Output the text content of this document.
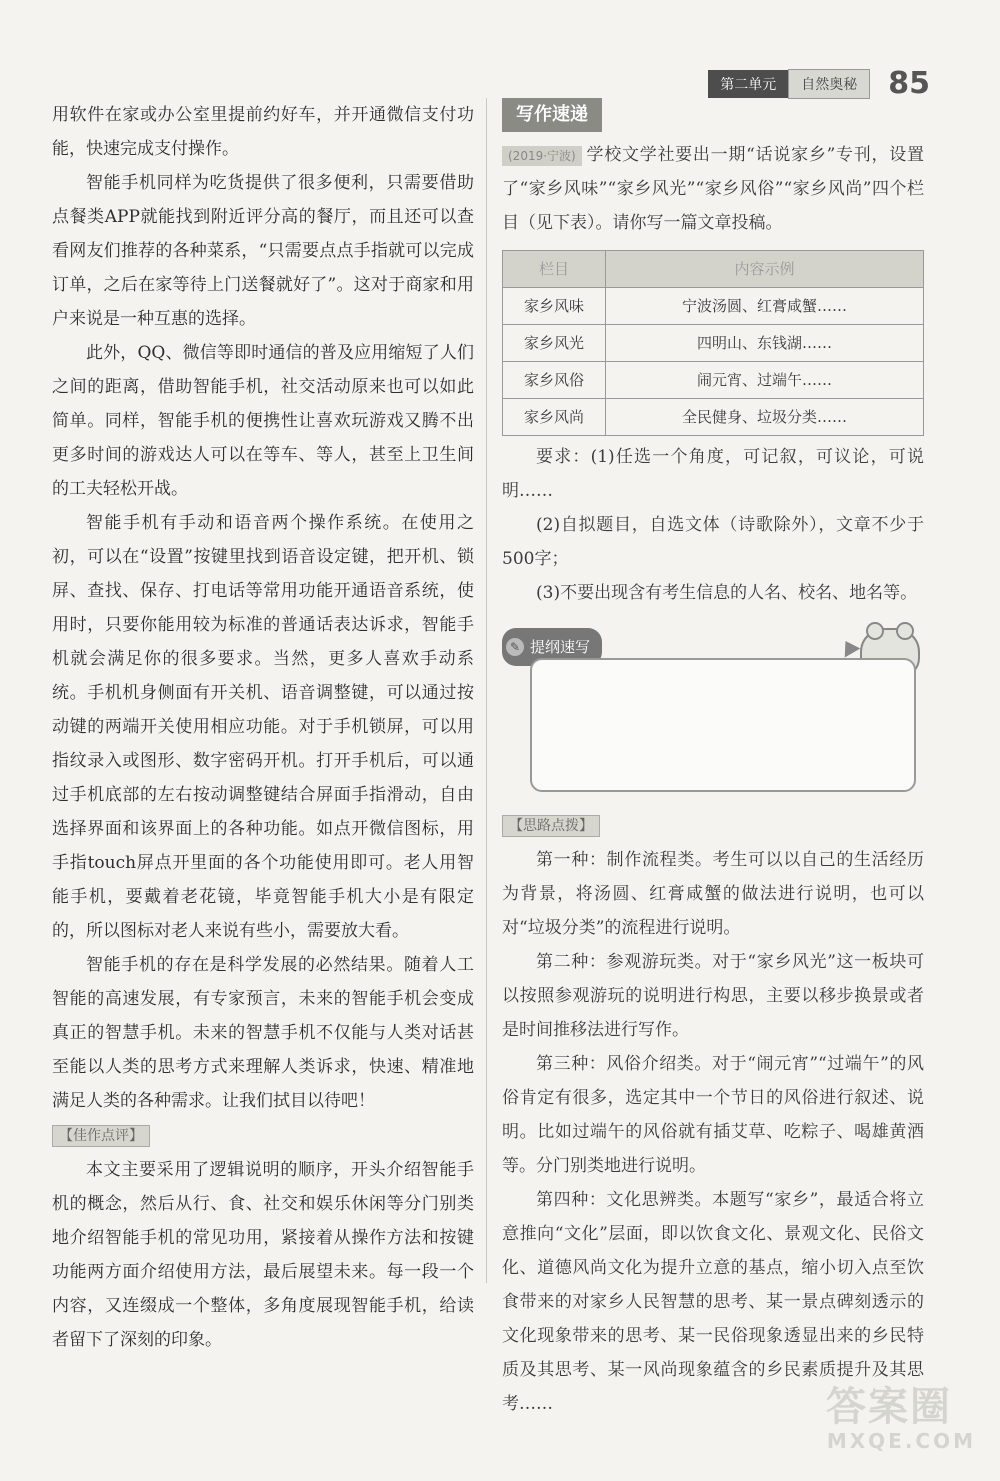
第二单元	自然奥秘	85

用软件在家或办公室里提前约好车，并开通微信支付功能，快速完成支付操作。

智能手机同样为吃货提供了很多便利，只需要借助点餐类APP就能找到附近评分高的餐厅，而且还可以查看网友们推荐的各种菜系，“只需要点点手指就可以完成订单，之后在家等待上门送餐就好了”。这对于商家和用户来说是一种互惠的选择。

此外，QQ、微信等即时通信的普及应用缩短了人们之间的距离，借助智能手机，社交活动原来也可以如此简单。同样，智能手机的便携性让喜欢玩游戏又腾不出更多时间的游戏达人可以在等车、等人，甚至上卫生间的工夫轻松开战。

智能手机有手动和语音两个操作系统。在使用之初，可以在“设置”按键里找到语音设定键，把开机、锁屏、查找、保存、打电话等常用功能开通语音系统，使用时，只要你能用较为标准的普通话表达诉求，智能手机就会满足你的很多要求。当然，更多人喜欢手动系统。手机机身侧面有开关机、语音调整键，可以通过按动键的两端开关使用相应功能。对于手机锁屏，可以用指纹录入或图形、数字密码开机。打开手机后，可以通过手机底部的左右按动调整键结合屏面手指滑动，自由选择界面和该界面上的各种功能。如点开微信图标，用手指touch屏点开里面的各个功能使用即可。老人用智能手机，要戴着老花镜，毕竟智能手机大小是有限定的，所以图标对老人来说有些小，需要放大看。

智能手机的存在是科学发展的必然结果。随着人工智能的高速发展，有专家预言，未来的智能手机会变成真正的智慧手机。未来的智慧手机不仅能与人类对话甚至能以人类的思考方式来理解人类诉求，快速、精准地满足人类的各种需求。让我们拭目以待吧！

【佳作点评】

本文主要采用了逻辑说明的顺序，开头介绍智能手机的概念，然后从行、食、社交和娱乐休闲等分门别类地介绍智能手机的常见功用，紧接着从操作方法和按键功能两方面介绍使用方法，最后展望未来。每一段一个内容，又连缀成一个整体，多角度展现智能手机，给读者留下了深刻的印象。

写作速递

(2019·宁波) 学校文学社要出一期“话说家乡”专刊，设置了“家乡风味”“家乡风光”“家乡风俗”“家乡风尚”四个栏目（见下表）。请你写一篇文章投稿。

栏目	内容示例
家乡风味	宁波汤圆、红膏咸蟹……
家乡风光	四明山、东钱湖……
家乡风俗	闹元宵、过端午……
家乡风尚	全民健身、垃圾分类……

要求：(1)任选一个角度，可记叙，可议论，可说明……

(2)自拟题目，自选文体（诗歌除外），文章不少于500字；

(3)不要出现含有考生信息的人名、校名、地名等。

✎ 提纲速写
【思路点拨】

第一种：制作流程类。考生可以以自己的生活经历为背景，将汤圆、红膏咸蟹的做法进行说明，也可以对“垃圾分类”的流程进行说明。

第二种：参观游玩类。对于“家乡风光”这一板块可以按照参观游玩的说明进行构思，主要以移步换景或者是时间推移法进行写作。

第三种：风俗介绍类。对于“闹元宵”“过端午”的风俗肯定有很多，选定其中一个节日的风俗进行叙述、说明。比如过端午的风俗就有插艾草、吃粽子、喝雄黄酒等。分门别类地进行说明。

第四种：文化思辨类。本题写“家乡”，最适合将立意推向“文化”层面，即以饮食文化、景观文化、民俗文化、道德风尚文化为提升立意的基点，缩小切入点至饮食带来的对家乡人民智慧的思考、某一景点碑刻透示的文化现象带来的思考、某一民俗现象透显出来的乡民特质及其思考、某一风尚现象蕴含的乡民素质提升及其思考……	答案圈
MXQE.COM
